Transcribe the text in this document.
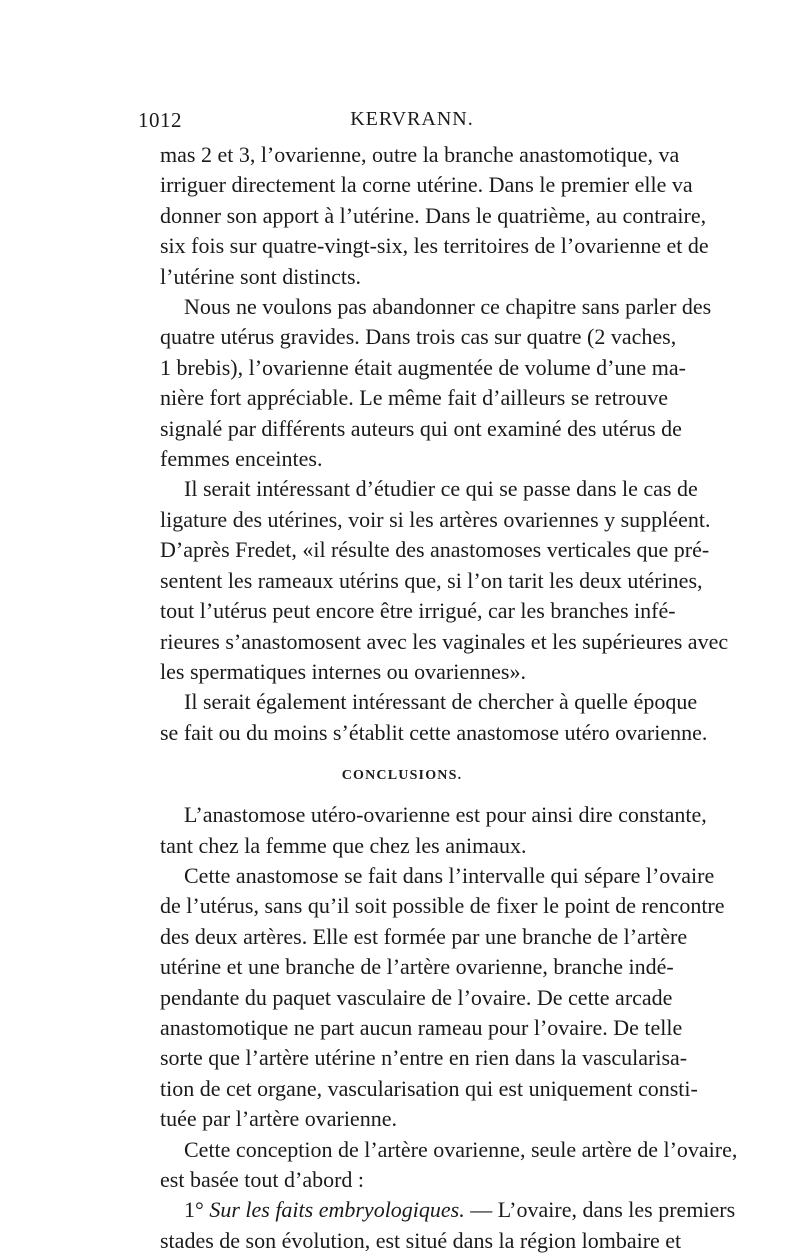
1012	KERVRANN.
mas 2 et 3, l’ovarienne, outre la branche anastomotique, va
irriguer directement la corne utérine. Dans le premier elle va
donner son apport à l’utérine. Dans le quatrième, au contraire,
six fois sur quatre-vingt-six, les territoires de l’ovarienne et de
l’utérine sont distincts.
Nous ne voulons pas abandonner ce chapitre sans parler des
quatre utérus gravides. Dans trois cas sur quatre (2 vaches,
1 brebis), l’ovarienne était augmentée de volume d’une ma-
nière fort appréciable. Le même fait d’ailleurs se retrouve
signalé par différents auteurs qui ont examiné des utérus de
femmes enceintes.
Il serait intéressant d’étudier ce qui se passe dans le cas de
ligature des utérines, voir si les artères ovariennes y suppléent.
D’après Fredet, «il résulte des anastomoses verticales que pré-
sentent les rameaux utérins que, si l’on tarit les deux utérines,
tout l’utérus peut encore être irrigué, car les branches infé-
rieures s’anastomosent avec les vaginales et les supérieures avec
les spermatiques internes ou ovariennes».
Il serait également intéressant de chercher à quelle époque
se fait ou du moins s’établit cette anastomose utéro ovarienne.
CONCLUSIONS.
L’anastomose utéro-ovarienne est pour ainsi dire constante,
tant chez la femme que chez les animaux.
Cette anastomose se fait dans l’intervalle qui sépare l’ovaire
de l’utérus, sans qu’il soit possible de fixer le point de rencontre
des deux artères. Elle est formée par une branche de l’artère
utérine et une branche de l’artère ovarienne, branche indé-
pendante du paquet vasculaire de l’ovaire. De cette arcade
anastomotique ne part aucun rameau pour l’ovaire. De telle
sorte que l’artère utérine n’entre en rien dans la vascularisa-
tion de cet organe, vascularisation qui est uniquement consti-
tuée par l’artère ovarienne.
Cette conception de l’artère ovarienne, seule artère de l’ovaire,
est basée tout d’abord :
1° Sur les faits embryologiques. — L’ovaire, dans les premiers
stades de son évolution, est situé dans la région lombaire et
